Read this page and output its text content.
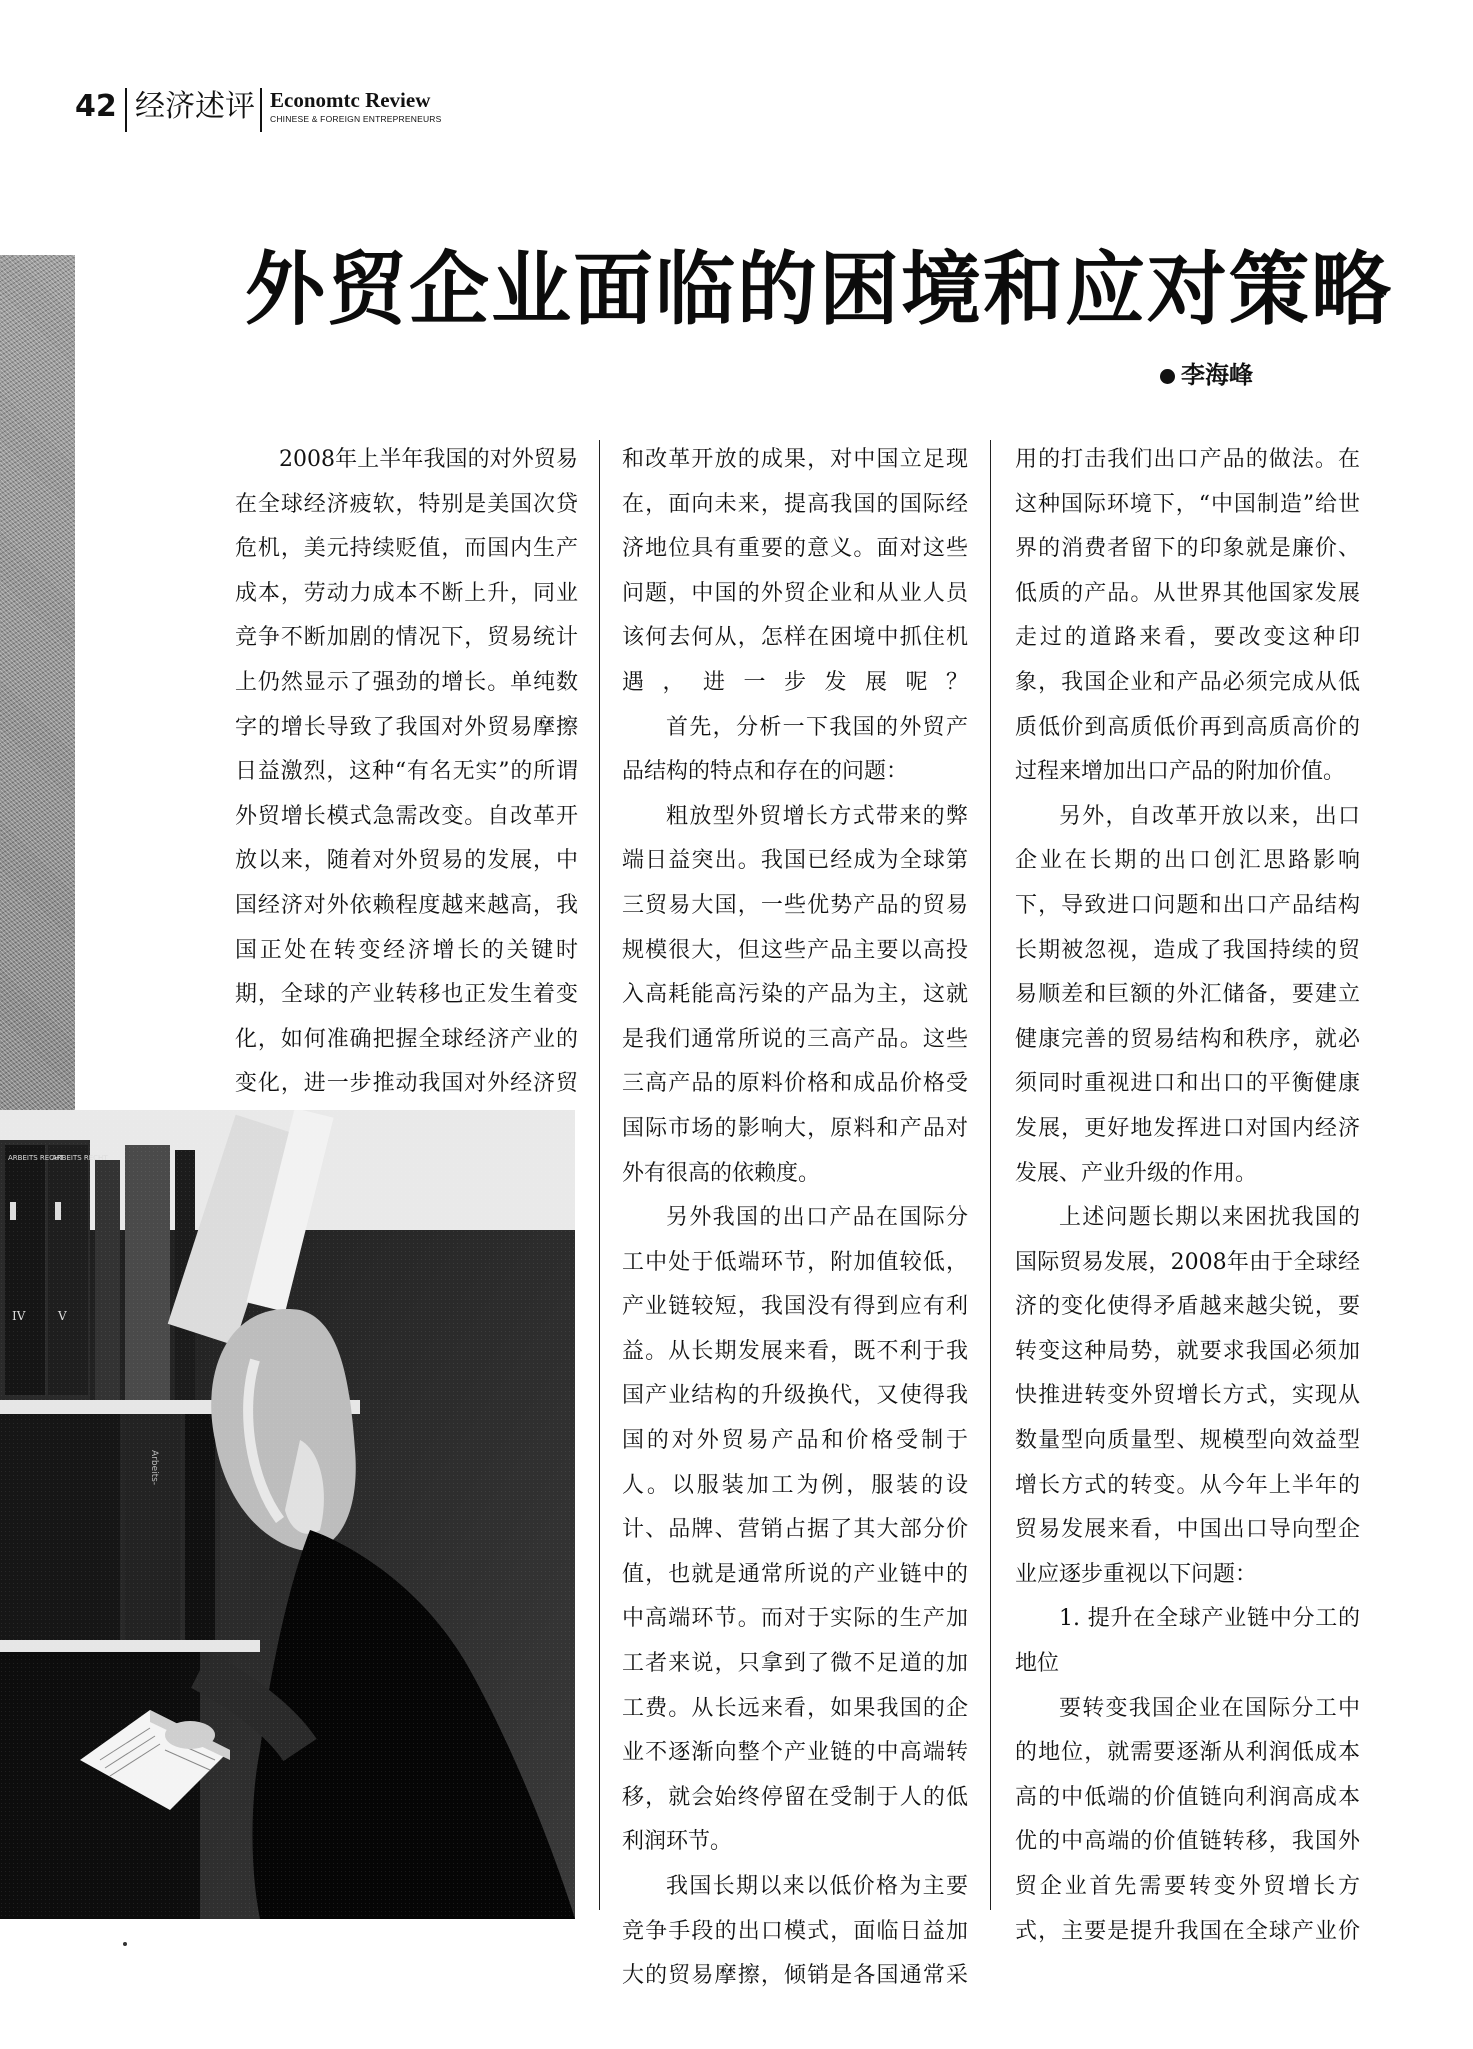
42 经济述评 Economtc Review
CHINESE & FOREIGN ENTREPRENEURS
外贸企业面临的困境和应对策略
李海峰

2008年上半年我国的对外贸易在全球经济疲软，特别是美国次贷危机，美元持续贬值，而国内生产成本，劳动力成本不断上升，同业竞争不断加剧的情况下，贸易统计上仍然显示了强劲的增长。单纯数字的增长导致了我国对外贸易摩擦日益激烈，这种“有名无实”的所谓外贸增长模式急需改变。自改革开放以来，随着对外贸易的发展，中国经济对外依赖程度越来越高，我国正处在转变经济增长的关键时期，全球的产业转移也正发生着变化，如何准确把握全球经济产业的变化，进一步推动我国对外经济贸

和改革开放的成果，对中国立足现在，面向未来，提高我国的国际经济地位具有重要的意义。面对这些问题，中国的外贸企业和从业人员该何去何从，怎样在困境中抓住机遇，进一步发展呢？

首先，分析一下我国的外贸产品结构的特点和存在的问题：

粗放型外贸增长方式带来的弊端日益突出。我国已经成为全球第三贸易大国，一些优势产品的贸易规模很大，但这些产品主要以高投入高耗能高污染的产品为主，这就是我们通常所说的三高产品。这些三高产品的原料价格和成品价格受国际市场的影响大，原料和产品对外有很高的依赖度。

另外我国的出口产品在国际分工中处于低端环节，附加值较低，产业链较短，我国没有得到应有利益。从长期发展来看，既不利于我国产业结构的升级换代，又使得我国的对外贸易产品和价格受制于人。以服装加工为例，服装的设计、品牌、营销占据了其大部分价值，也就是通常所说的产业链中的中高端环节。而对于实际的生产加工者来说，只拿到了微不足道的加工费。从长远来看，如果我国的企业不逐渐向整个产业链的中高端转移，就会始终停留在受制于人的低利润环节。

我国长期以来以低价格为主要竞争手段的出口模式，面临日益加大的贸易摩擦，倾销是各国通常采

用的打击我们出口产品的做法。在这种国际环境下，“中国制造”给世界的消费者留下的印象就是廉价、低质的产品。从世界其他国家发展走过的道路来看，要改变这种印象，我国企业和产品必须完成从低质低价到高质低价再到高质高价的过程来增加出口产品的附加价值。

另外，自改革开放以来，出口企业在长期的出口创汇思路影响下，导致进口问题和出口产品结构长期被忽视，造成了我国持续的贸易顺差和巨额的外汇储备，要建立健康完善的贸易结构和秩序，就必须同时重视进口和出口的平衡健康发展，更好地发挥进口对国内经济发展、产业升级的作用。

上述问题长期以来困扰我国的国际贸易发展，2008年由于全球经济的变化使得矛盾越来越尖锐，要转变这种局势，就要求我国必须加快推进转变外贸增长方式，实现从数量型向质量型、规模型向效益型增长方式的转变。从今年上半年的贸易发展来看，中国出口导向型企业应逐步重视以下问题：

1. 提升在全球产业链中分工的地位

要转变我国企业在国际分工中的地位，就需要逐渐从利润低成本高的中低端的价值链向利润高成本优的中高端的价值链转移，我国外贸企业首先需要转变外贸增长方式，主要是提升我国在全球产业价
